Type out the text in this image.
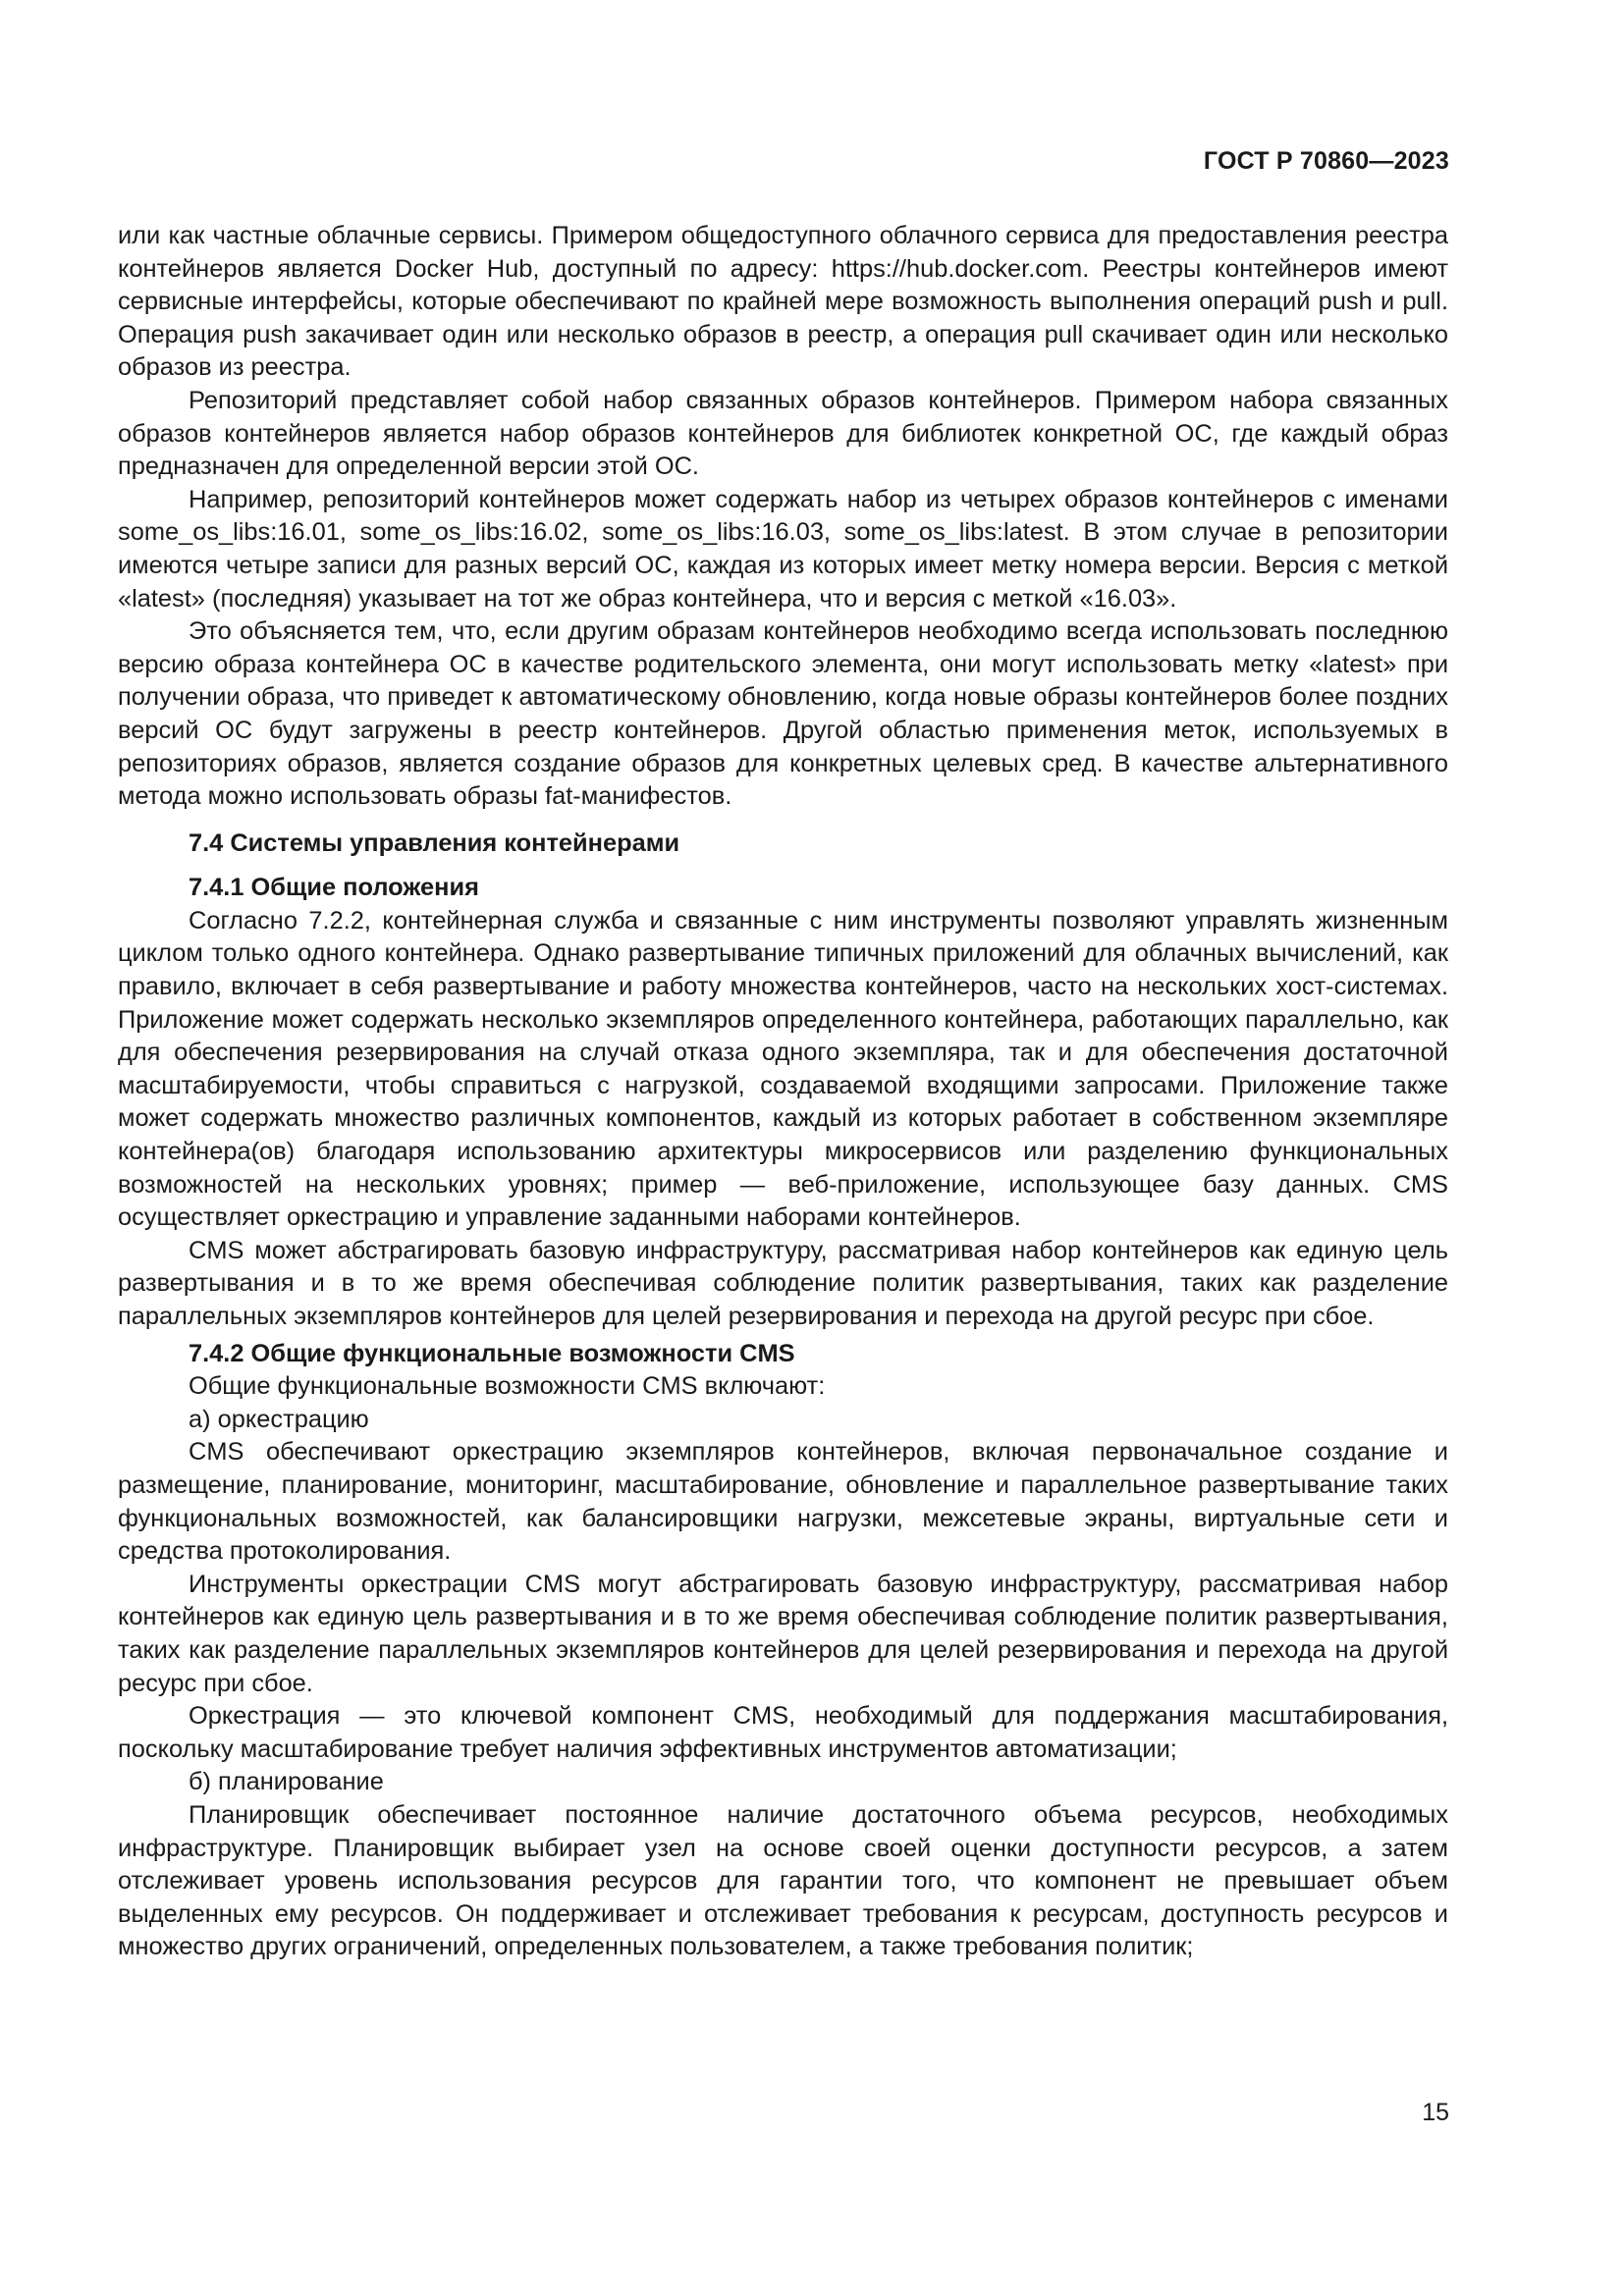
ГОСТ Р 70860—2023

или как частные облачные сервисы. Примером общедоступного облачного сервиса для предоставления реестра контейнеров является Docker Hub, доступный по адресу: https://hub.docker.com. Реестры контейнеров имеют сервисные интерфейсы, которые обеспечивают по крайней мере возможность выполнения операций push и pull. Операция push закачивает один или несколько образов в реестр, а операция pull скачивает один или несколько образов из реестра.

Репозиторий представляет собой набор связанных образов контейнеров. Примером набора связанных образов контейнеров является набор образов контейнеров для библиотек конкретной ОС, где каждый образ предназначен для определенной версии этой ОС.

Например, репозиторий контейнеров может содержать набор из четырех образов контейнеров с именами some_os_libs:16.01, some_os_libs:16.02, some_os_libs:16.03, some_os_libs:latest. В этом случае в репозитории имеются четыре записи для разных версий ОС, каждая из которых имеет метку номера версии. Версия с меткой «latest» (последняя) указывает на тот же образ контейнера, что и версия с меткой «16.03».

Это объясняется тем, что, если другим образам контейнеров необходимо всегда использовать последнюю версию образа контейнера ОС в качестве родительского элемента, они могут использовать метку «latest» при получении образа, что приведет к автоматическому обновлению, когда новые образы контейнеров более поздних версий ОС будут загружены в реестр контейнеров. Другой областью применения меток, используемых в репозиториях образов, является создание образов для конкретных целевых сред. В качестве альтернативного метода можно использовать образы fat-манифестов.

7.4 Системы управления контейнерами
7.4.1 Общие положения

Согласно 7.2.2, контейнерная служба и связанные с ним инструменты позволяют управлять жизненным циклом только одного контейнера. Однако развертывание типичных приложений для облачных вычислений, как правило, включает в себя развертывание и работу множества контейнеров, часто на нескольких хост-системах. Приложение может содержать несколько экземпляров определенного контейнера, работающих параллельно, как для обеспечения резервирования на случай отказа одного экземпляра, так и для обеспечения достаточной масштабируемости, чтобы справиться с нагрузкой, создаваемой входящими запросами. Приложение также может содержать множество различных компонентов, каждый из которых работает в собственном экземпляре контейнера(ов) благодаря использованию архитектуры микросервисов или разделению функциональных возможностей на нескольких уровнях; пример — веб-приложение, использующее базу данных. CMS осуществляет оркестрацию и управление заданными наборами контейнеров.

CMS может абстрагировать базовую инфраструктуру, рассматривая набор контейнеров как единую цель развертывания и в то же время обеспечивая соблюдение политик развертывания, таких как разделение параллельных экземпляров контейнеров для целей резервирования и перехода на другой ресурс при сбое.

7.4.2 Общие функциональные возможности CMS

Общие функциональные возможности CMS включают:

а) оркестрацию

CMS обеспечивают оркестрацию экземпляров контейнеров, включая первоначальное создание и размещение, планирование, мониторинг, масштабирование, обновление и параллельное развертывание таких функциональных возможностей, как балансировщики нагрузки, межсетевые экраны, виртуальные сети и средства протоколирования.

Инструменты оркестрации CMS могут абстрагировать базовую инфраструктуру, рассматривая набор контейнеров как единую цель развертывания и в то же время обеспечивая соблюдение политик развертывания, таких как разделение параллельных экземпляров контейнеров для целей резервирования и перехода на другой ресурс при сбое.

Оркестрация — это ключевой компонент CMS, необходимый для поддержания масштабирования, поскольку масштабирование требует наличия эффективных инструментов автоматизации;

б) планирование

Планировщик обеспечивает постоянное наличие достаточного объема ресурсов, необходимых инфраструктуре. Планировщик выбирает узел на основе своей оценки доступности ресурсов, а затем отслеживает уровень использования ресурсов для гарантии того, что компонент не превышает объем выделенных ему ресурсов. Он поддерживает и отслеживает требования к ресурсам, доступность ресурсов и множество других ограничений, определенных пользователем, а также требования политик;

15
